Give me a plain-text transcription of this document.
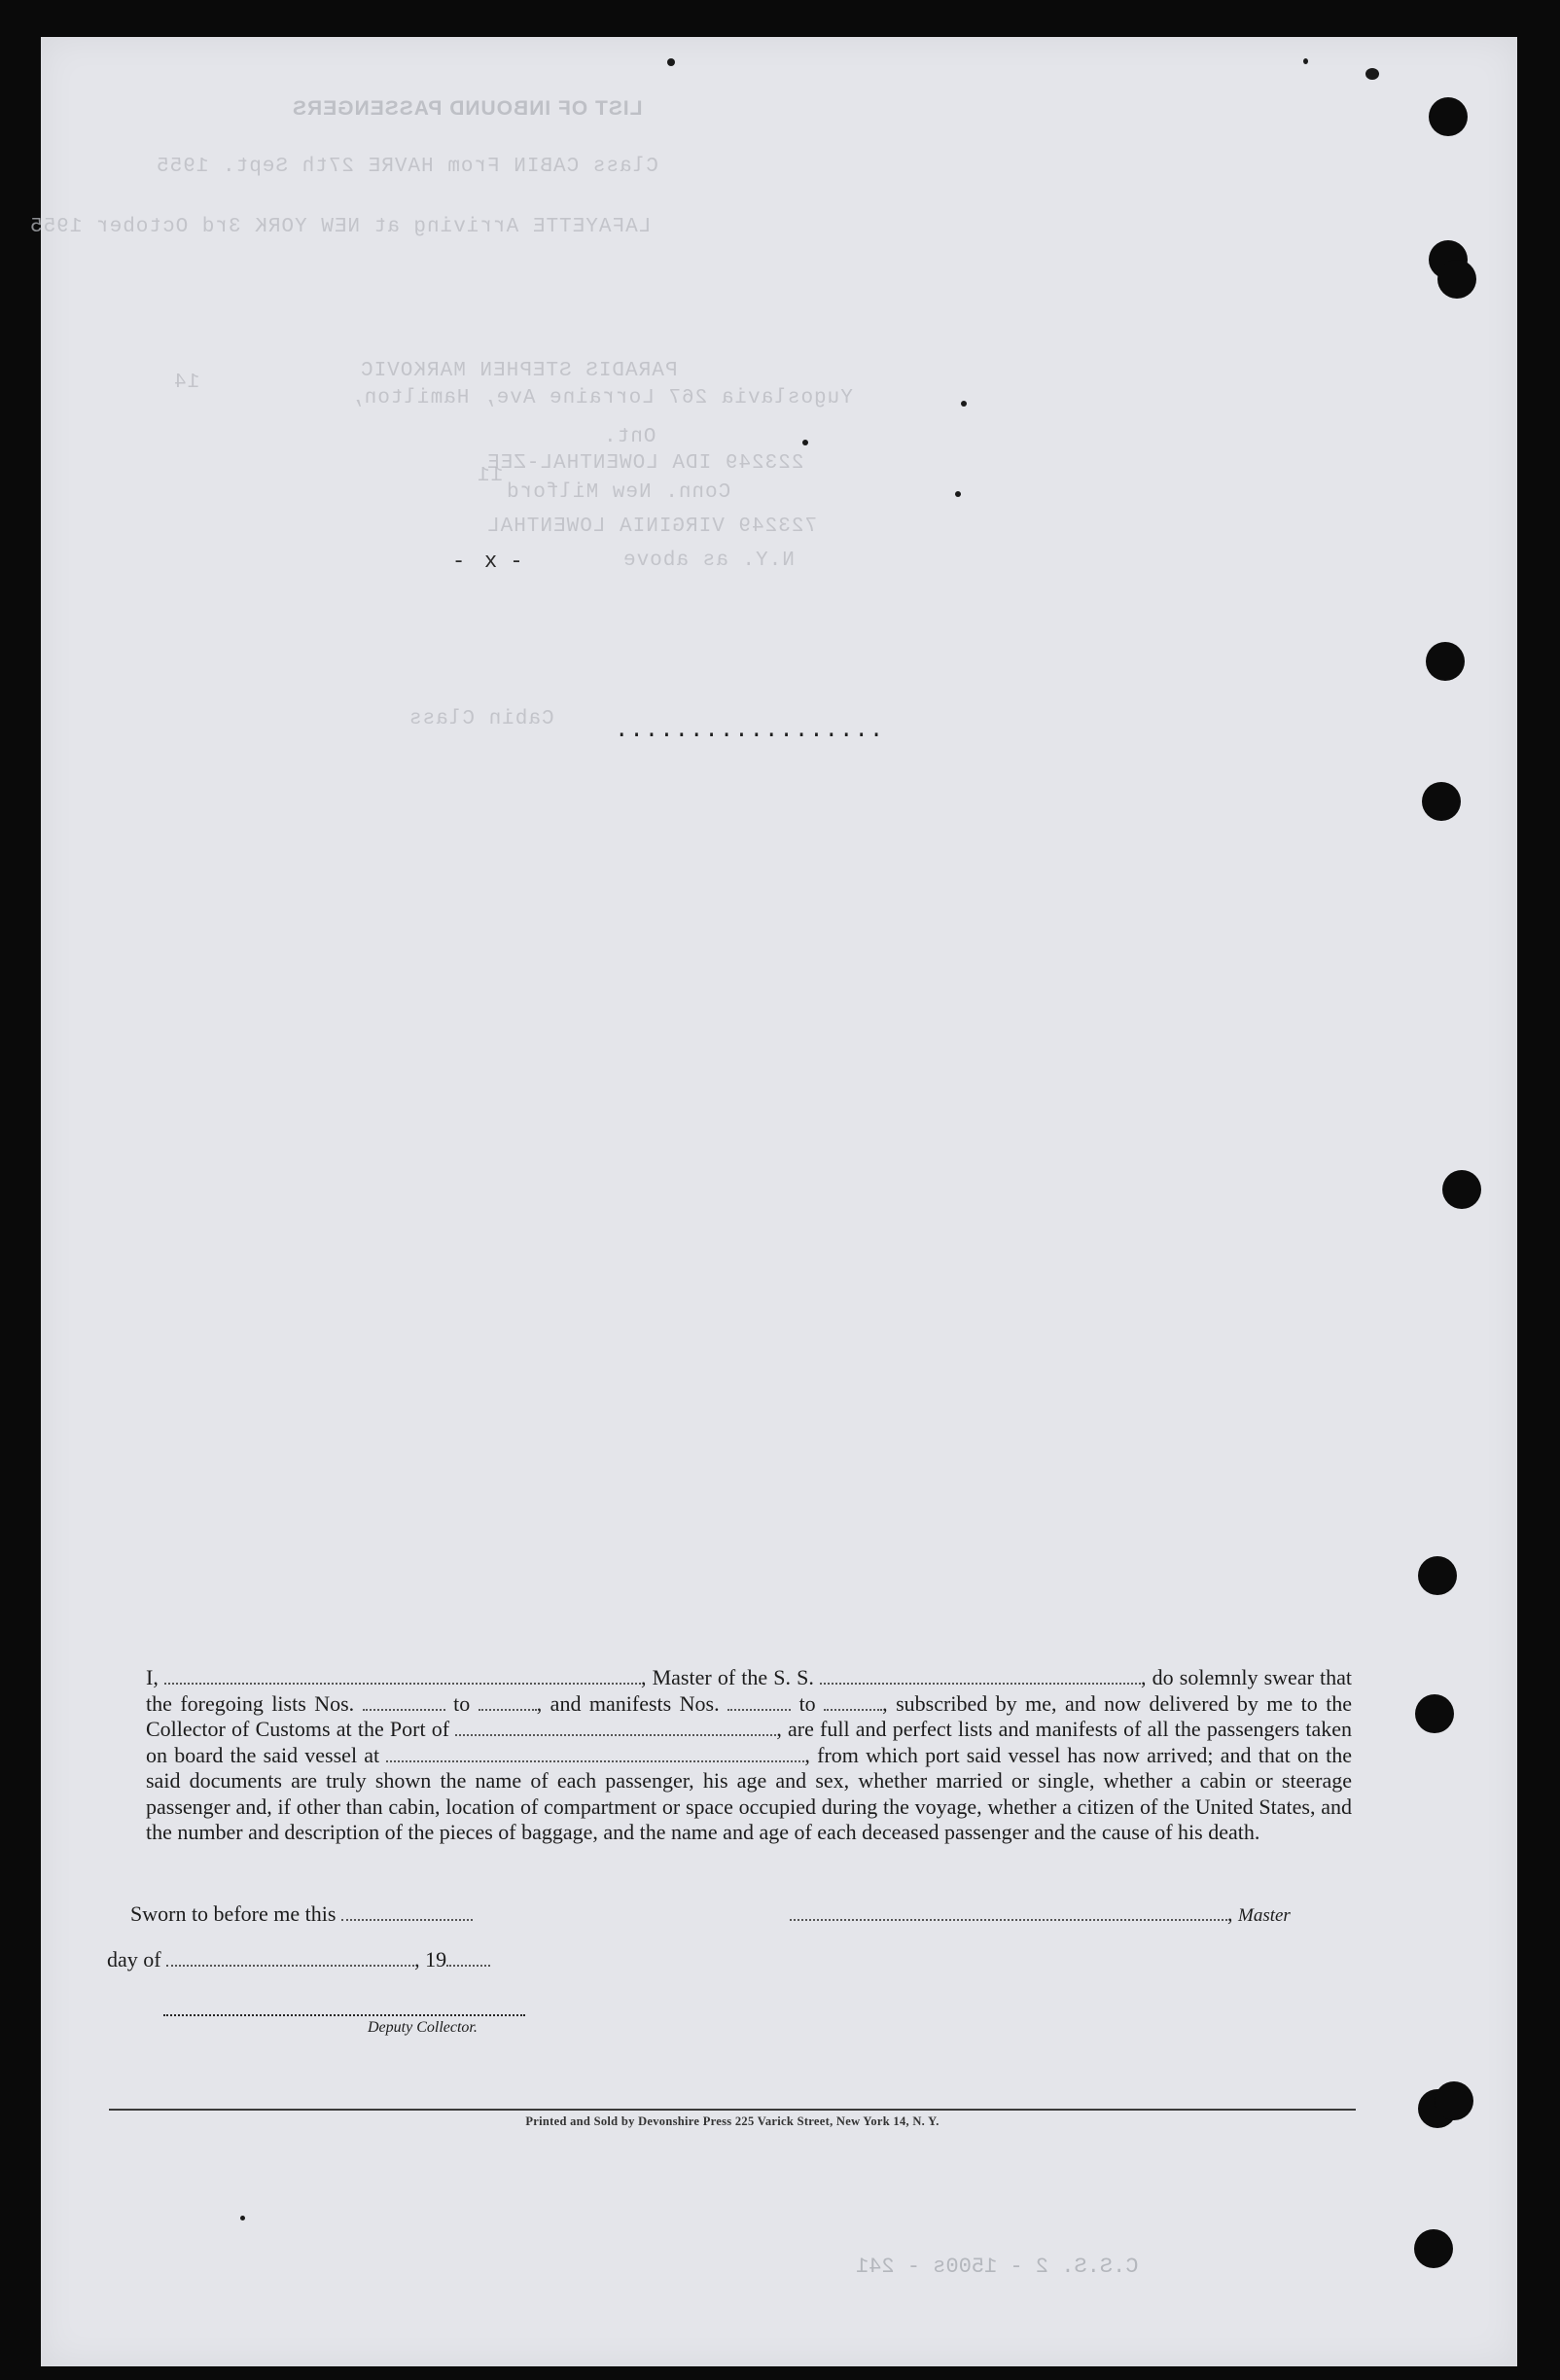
LIST OF INBOUND PASSENGERS
Class CABIN From HAVRE 27th Sept. 1955
LAFAYETTE Arriving at NEW YORK 3rd October 1955
PARADIS STEPHEN MARKOVIC
Yugoslavia 267 Lorraine Ave, Hamilton,
Ont.
223249 IDA LOWENTHAL-ZEE
Conn. New Milford
723249 VIRGINIA LOWENTHAL
N.Y. as above
Cabin Class
14
11
..................
- x -
I,	, Master of the S. S.	, do solemnly swear that the foregoing lists Nos.	to	, and manifests Nos.	to	, subscribed by me, and now delivered by me to the Collector of Customs at the Port of	, are full and perfect lists and manifests of all the passengers taken on board the said vessel at	, from which port said vessel has now arrived; and that on the said documents are truly shown the name of each passenger, his age and sex, whether married or single, whether a cabin or steerage passenger and, if other than cabin, location of compartment or space occupied during the voyage, whether a citizen of the United States, and the number and description of the pieces of baggage, and the name and age of each deceased passenger and the cause of his death.
Sworn to before me this	, Master
day of	, 19
Deputy Collector.
Printed and Sold by Devonshire Press 225 Varick Street, New York 14, N. Y.
C.S.S. 2 - 1500s - 241
